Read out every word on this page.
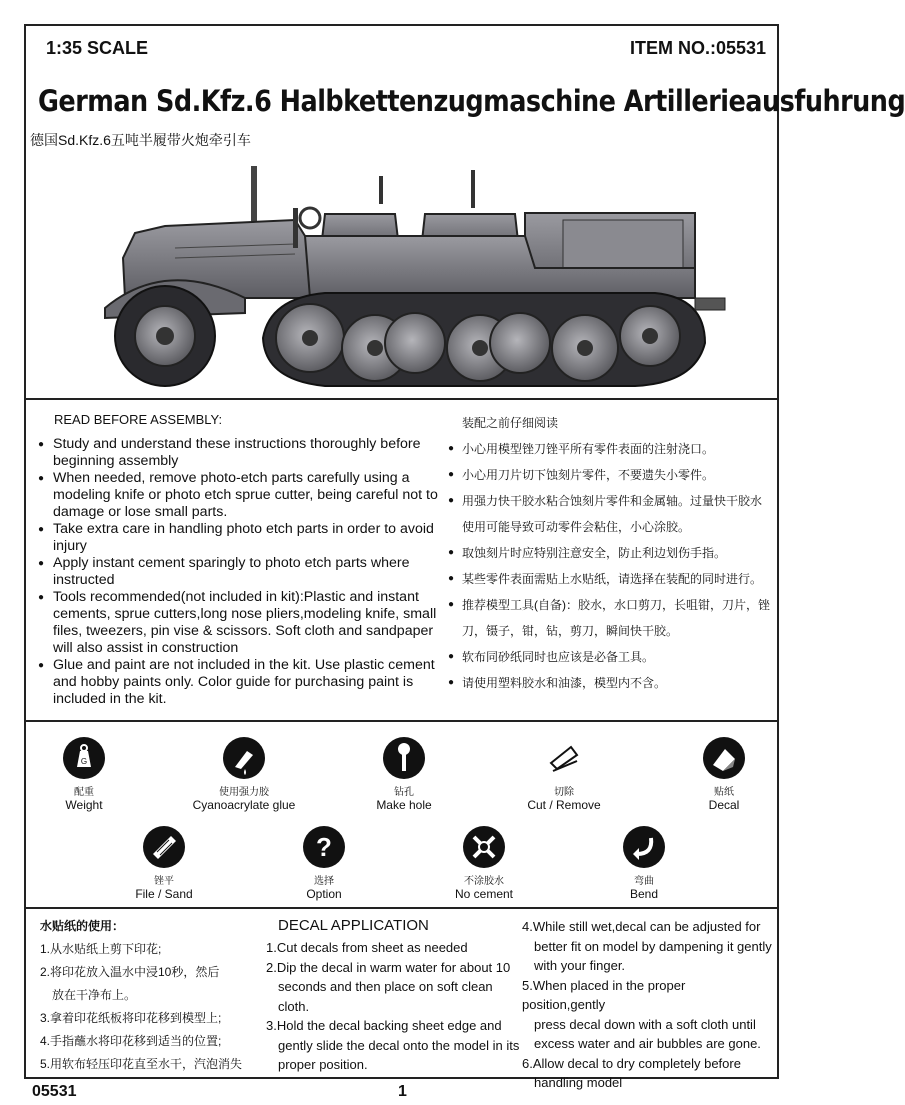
1:35 SCALE	ITEM NO.:05531
German Sd.Kfz.6 Halbkettenzugmaschine Artillerieausfuhrung
德国Sd.Kfz.6五吨半履带火炮牵引车
READ BEFORE ASSEMBLY:
● Study and understand these instructions thoroughly before beginning assembly
● When needed, remove photo-etch parts carefully using a modeling knife or photo etch sprue cutter, being careful not to damage or lose small parts.
● Take extra care in handling photo etch parts in order to avoid injury
● Apply instant cement sparingly to photo etch parts where instructed
● Tools recommended(not included in kit):Plastic and instant cements, sprue cutters,long nose pliers,modeling knife, small files, tweezers, pin vise & scissors. Soft cloth and sandpaper will also assist in construction
● Glue and paint are not included in the kit. Use plastic cement and hobby paints only. Color guide for purchasing paint is included in the kit.
装配之前仔细阅读
● 小心用模型锉刀锉平所有零件表面的注射浇口。
● 小心用刀片切下蚀刻片零件，不要遗失小零件。
● 用强力快干胶水粘合蚀刻片零件和金属轴。过量快干胶水使用可能导致可动零件会粘住，小心涂胶。
● 取蚀刻片时应特别注意安全，防止利边划伤手指。
● 某些零件表面需贴上水贴纸，请选择在装配的同时进行。
● 推荐模型工具(自备)：胶水，水口剪刀，长咀钳，刀片，锉刀，镊子，钳，钻，剪刀，瞬间快干胶。
● 软布同砂纸同时也应该是必备工具。
● 请使用塑料胶水和油漆，模型内不含。
G
配重
Weight
使用强力胶
Cyanoacrylate glue
钻孔
Make hole
切除
Cut / Remove
贴纸
Decal
锉平
File / Sand
?
选择
Option
不涂胶水
No cement
弯曲
Bend
水贴纸的使用：
1.从水贴纸上剪下印花;
2.将印花放入温水中浸10秒，然后
放在干净布上。
3.拿着印花纸板将印花移到模型上;
4.手指蘸水将印花移到适当的位置;
5.用软布轻压印花直至水干，汽泡消失
DECAL APPLICATION
1.Cut decals from sheet as needed
2.Dip the decal in warm water for about 10
seconds and then place on soft clean cloth.
3.Hold the decal backing sheet edge and
gently slide the decal onto the model in its
proper position.
4.While still wet,decal can be adjusted for
better fit on model by dampening it gently
with your finger.
5.When placed in the proper position,gently
press decal down with a soft cloth until
excess water and air bubbles are gone.
6.Allow decal to dry completely before
handling model
05531	1
